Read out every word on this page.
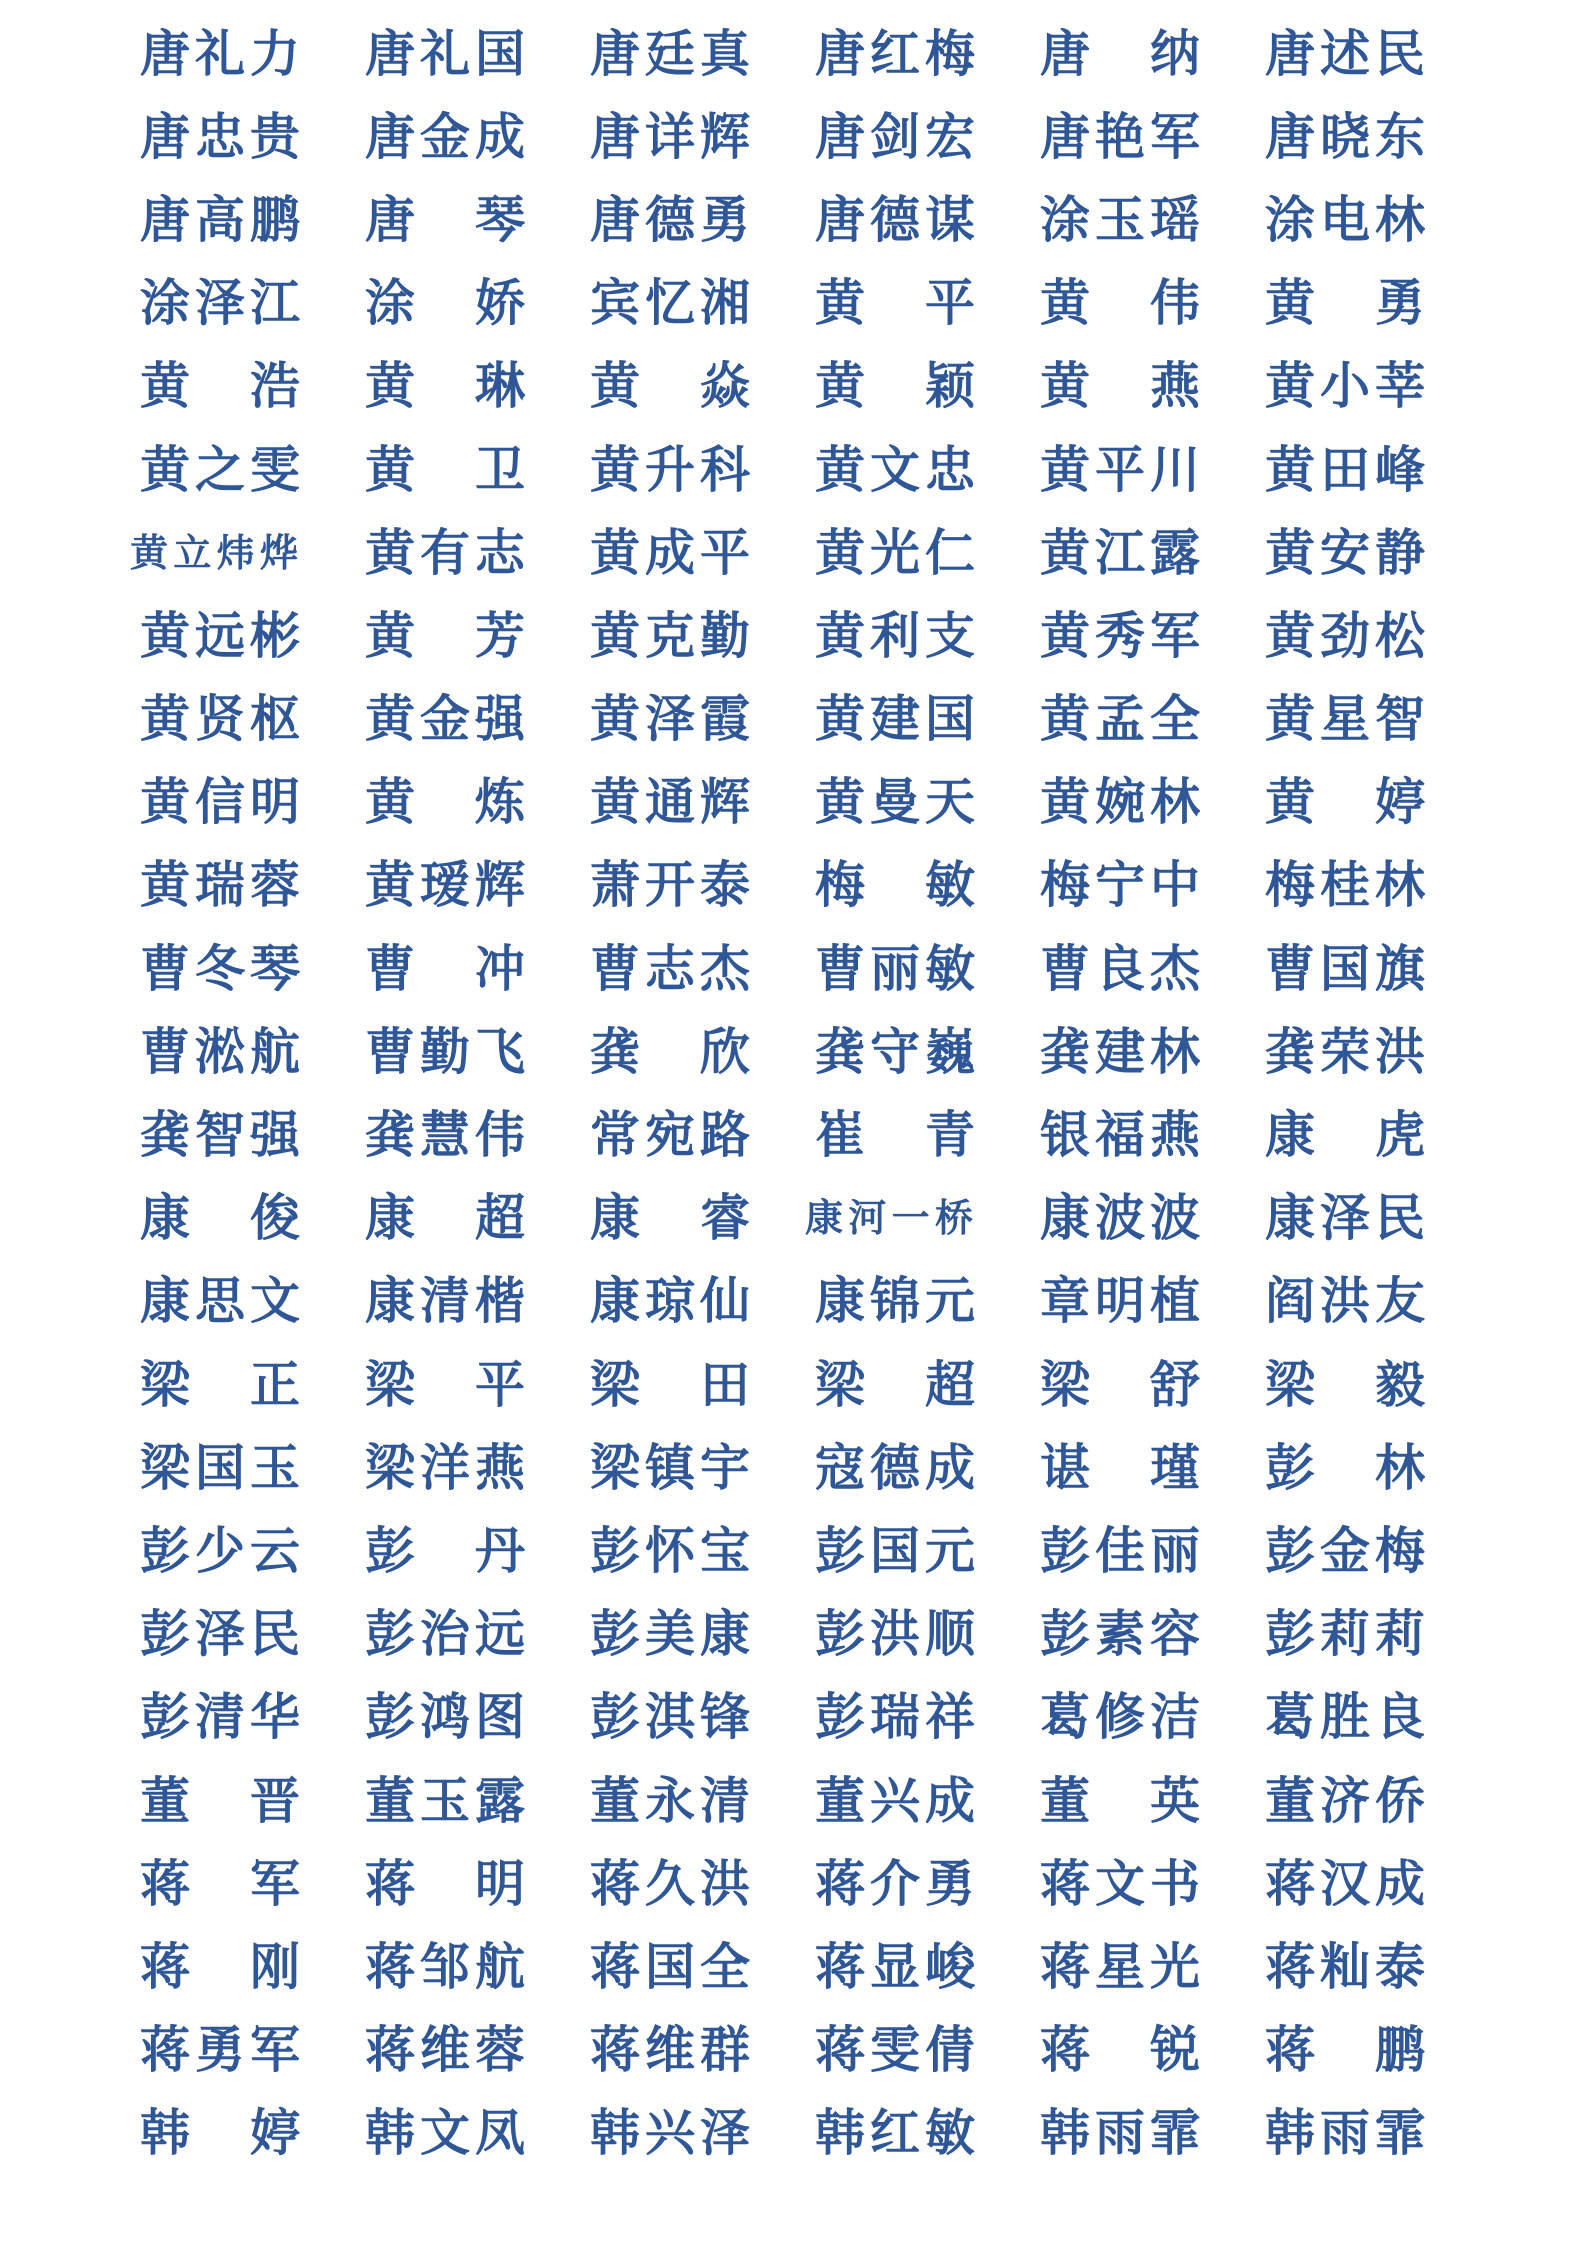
唐礼力 唐礼国 唐廷真 唐红梅 唐纳 唐述民
唐忠贵 唐金成 唐详辉 唐剑宏 唐艳军 唐晓东
唐高鹏 唐琴 唐德勇 唐德谋 涂玉瑶 涂电林
涂泽江 涂娇 宾忆湘 黄平 黄伟 黄勇
黄浩 黄琳 黄焱 黄颖 黄燕 黄小莘
黄之雯 黄卫 黄升科 黄文忠 黄平川 黄田峰
黄立炜烨 黄有志 黄成平 黄光仁 黄江露 黄安静
黄远彬 黄芳 黄克勤 黄利支 黄秀军 黄劲松
黄贤枢 黄金强 黄泽霞 黄建国 黄孟全 黄星智
黄信明 黄炼 黄通辉 黄曼天 黄婉林 黄婷
黄瑞蓉 黄瑷辉 萧开泰 梅敏 梅宁中 梅桂林
曹冬琴 曹冲 曹志杰 曹丽敏 曹良杰 曹国旗
曹淞航 曹勤飞 龚欣 龚守巍 龚建林 龚荣洪
龚智强 龚慧伟 常宛路 崔青 银福燕 康虎
康俊 康超 康睿 康河一桥 康波波 康泽民
康思文 康清楷 康琼仙 康锦元 章明植 阎洪友
梁正 梁平 梁田 梁超 梁舒 梁毅
梁国玉 梁洋燕 梁镇宇 寇德成 谌瑾 彭林
彭少云 彭丹 彭怀宝 彭国元 彭佳丽 彭金梅
彭泽民 彭治远 彭美康 彭洪顺 彭素容 彭莉莉
彭清华 彭鸿图 彭淇锋 彭瑞祥 葛修洁 葛胜良
董晋 董玉露 董永清 董兴成 董英 董济侨
蒋军 蒋明 蒋久洪 蒋介勇 蒋文书 蒋汉成
蒋刚 蒋邹航 蒋国全 蒋显峻 蒋星光 蒋籼泰
蒋勇军 蒋维蓉 蒋维群 蒋雯倩 蒋锐 蒋鹏
韩婷 韩文凤 韩兴泽 韩红敏 韩雨霏 韩雨霏
